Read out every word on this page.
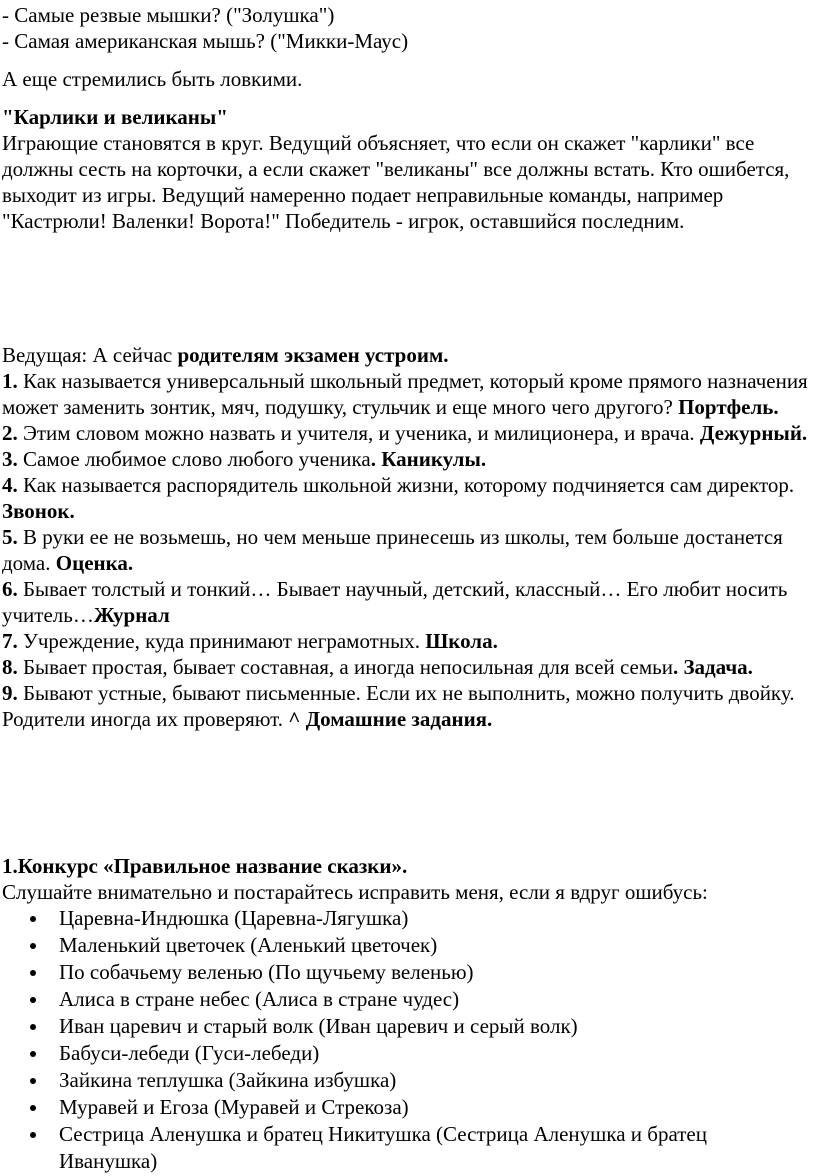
- Самые резвые мышки? ("Золушка")
- Самая американская мышь? ("Микки-Маус)
А еще стремились быть ловкими.
"Карлики и великаны"
Играющие становятся в круг. Ведущий объясняет, что если он скажет "карлики" все должны сесть на корточки, а если скажет "великаны" все должны встать. Кто ошибется, выходит из игры. Ведущий намеренно подает неправильные команды, например "Кастрюли! Валенки! Ворота!" Победитель - игрок, оставшийся последним.
Ведущая: А сейчас родителям экзамен устроим.
1. Как называется универсальный школьный предмет, который кроме прямого назначения может заменить зонтик, мяч, подушку, стульчик и еще много чего другого? Портфель.
2. Этим словом можно назвать и учителя, и ученика, и милиционера, и врача. Дежурный.
3. Самое любимое слово любого ученика. Каникулы.
4. Как называется распорядитель школьной жизни, которому подчиняется сам директор. Звонок.
5. В руки ее не возьмешь, но чем меньше принесешь из школы, тем больше достанется дома. Оценка.
6. Бывает толстый и тонкий… Бывает научный, детский, классный… Его любит носить учитель…Журнал
7. Учреждение, куда принимают неграмотных. Школа.
8. Бывает простая, бывает составная, а иногда непосильная для всей семьи. Задача.
9. Бывают устные, бывают письменные. Если их не выполнить, можно получить двойку. Родители иногда их проверяют. ^ Домашние задания.
1.Конкурс «Правильное название сказки».
Слушайте внимательно и постарайтесь исправить меня, если я вдруг ошибусь:
Царевна-Индюшка (Царевна-Лягушка)
Маленький цветочек (Аленький цветочек)
По собачьему веленью (По щучьему веленью)
Алиса в стране небес (Алиса в стране чудес)
Иван царевич и старый волк (Иван царевич и серый волк)
Бабуси-лебеди (Гуси-лебеди)
Зайкина теплушка (Зайкина избушка)
Муравей и Егоза (Муравей и Стрекоза)
Сестрица Аленушка и братец Никитушка (Сестрица Аленушка и братец Иванушка)
